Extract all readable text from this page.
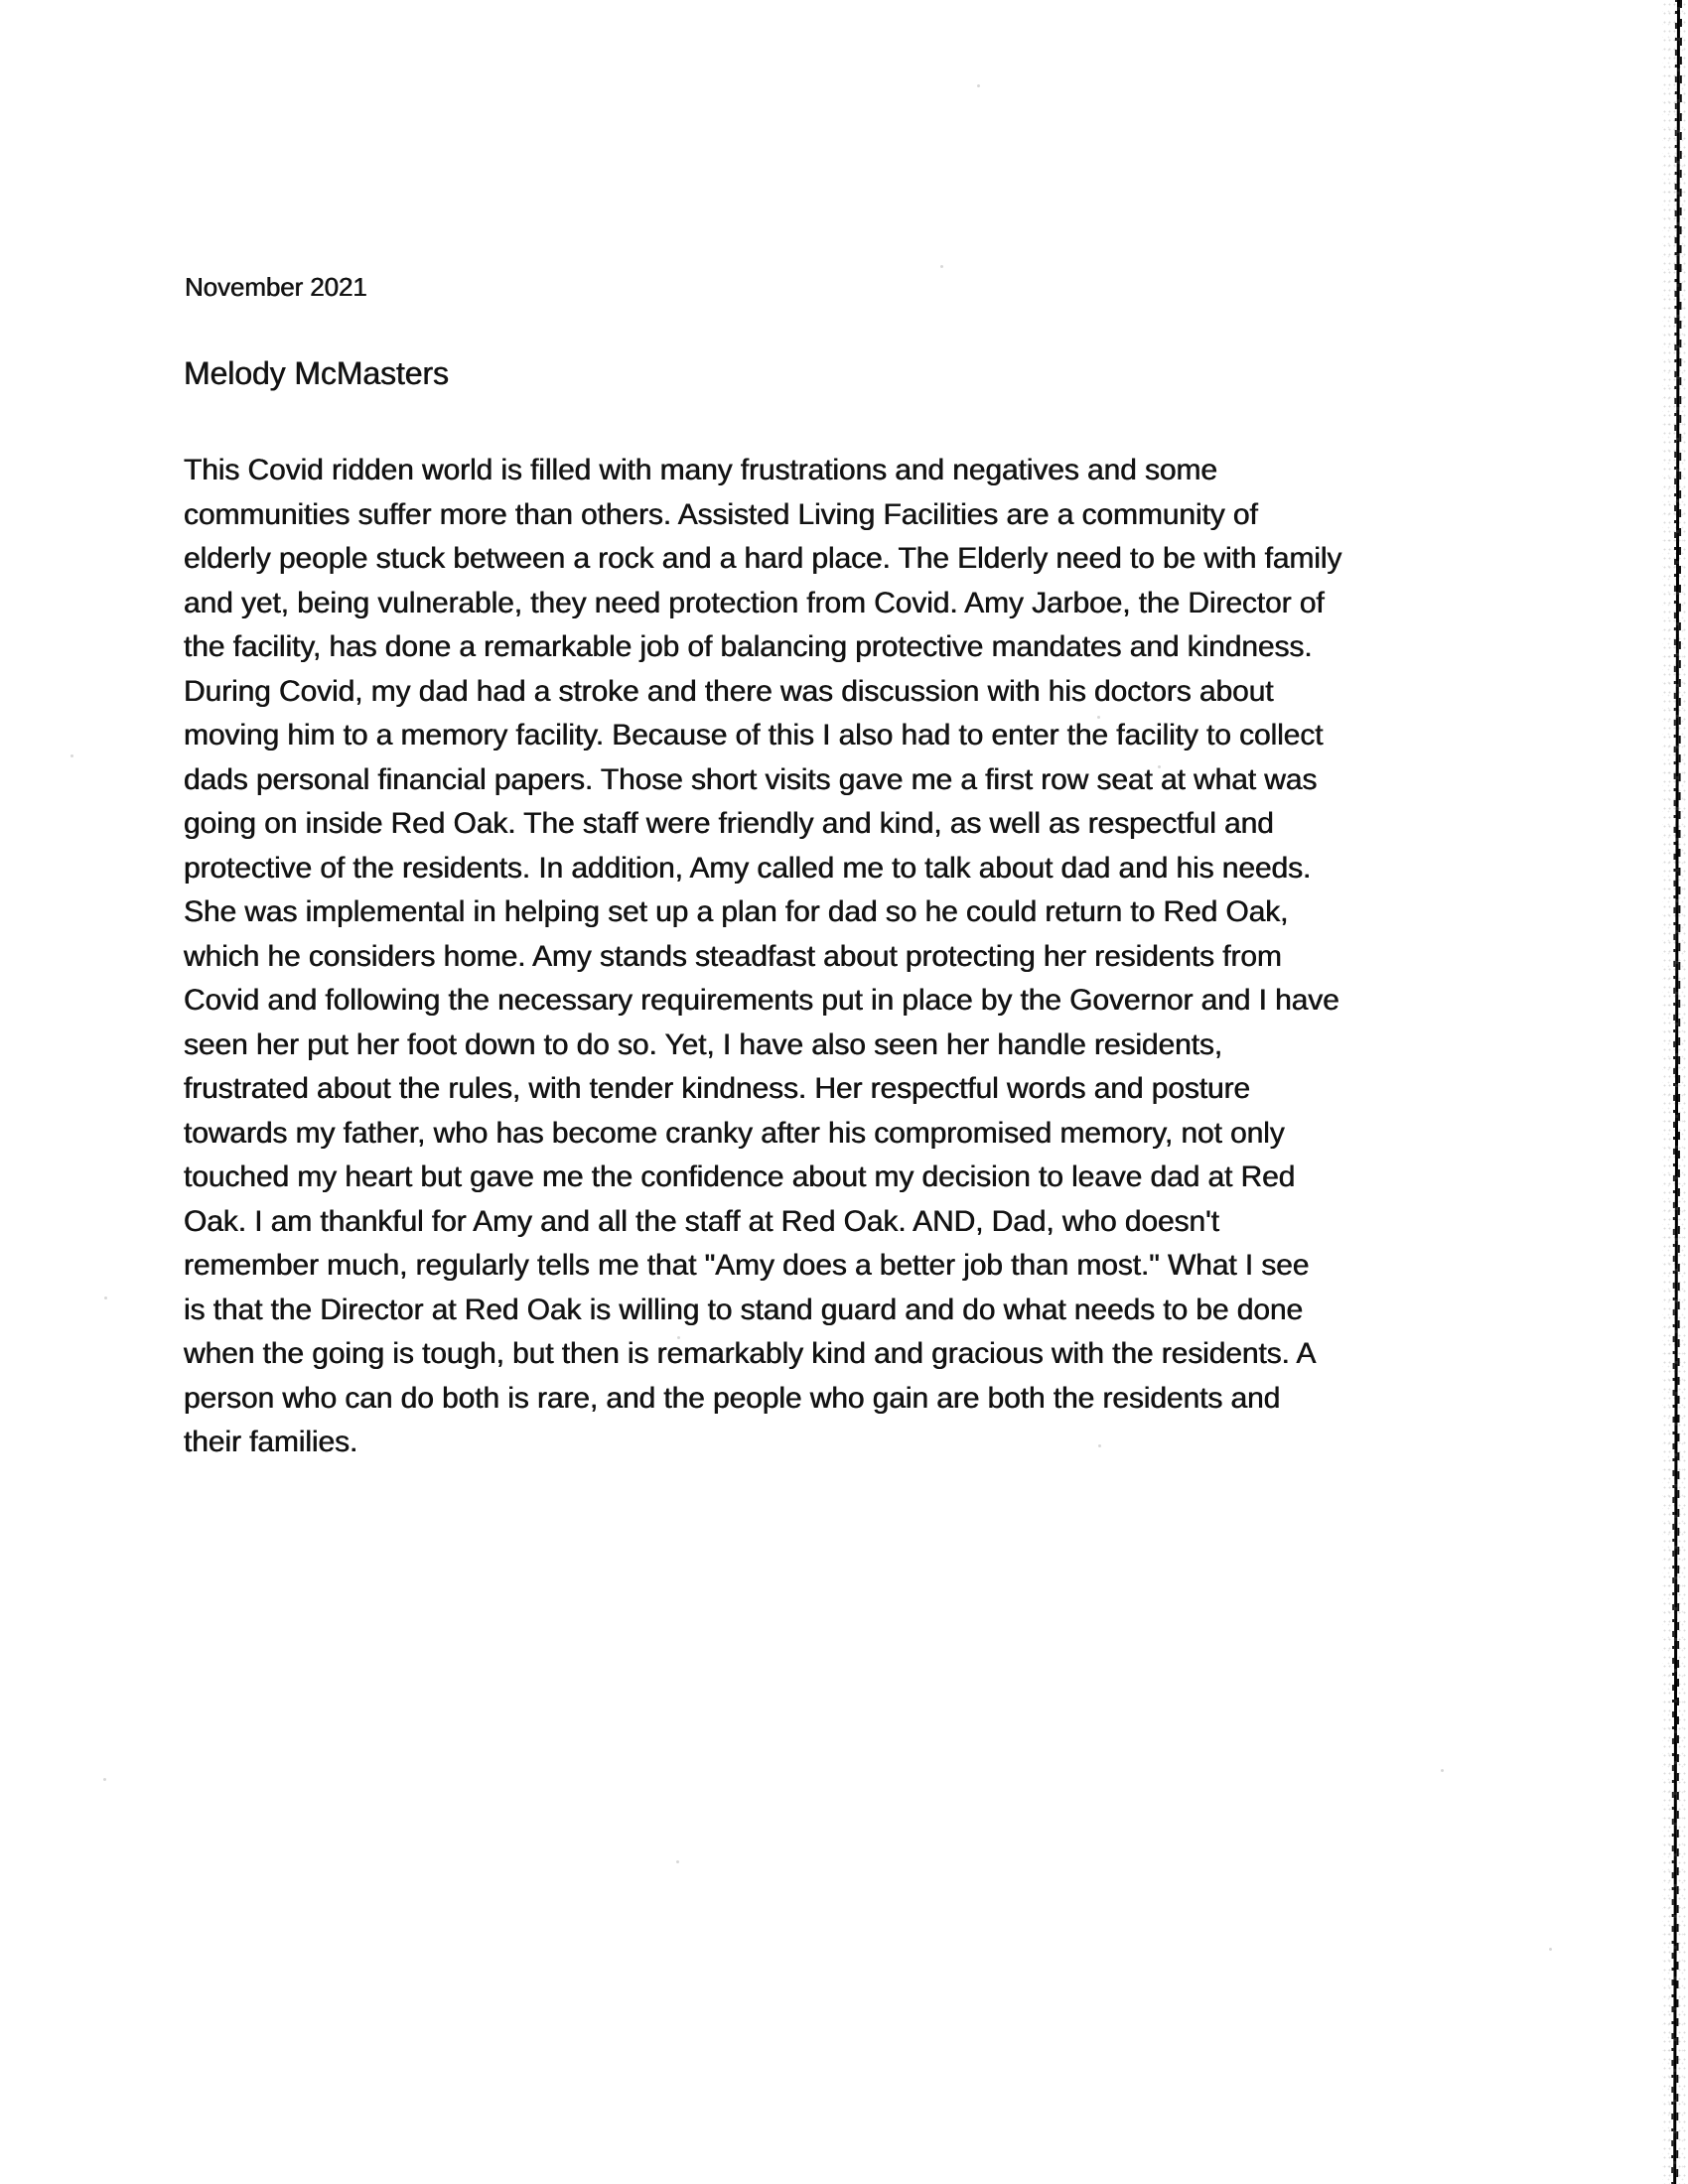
November 2021
Melody McMasters
This Covid ridden world is filled with many frustrations and negatives and some
communities suffer more than others. Assisted Living Facilities are a community of
elderly people stuck between a rock and a hard place. The Elderly need to be with family
and yet, being vulnerable, they need protection from Covid. Amy Jarboe, the Director of
the facility, has done a remarkable job of balancing protective mandates and kindness.
During Covid, my dad had a stroke and there was discussion with his doctors about
moving him to a memory facility. Because of this I also had to enter the facility to collect
dads personal financial papers. Those short visits gave me a first row seat at what was
going on inside Red Oak. The staff were friendly and kind, as well as respectful and
protective of the residents. In addition, Amy called me to talk about dad and his needs.
She was implemental in helping set up a plan for dad so he could return to Red Oak,
which he considers home. Amy stands steadfast about protecting her residents from
Covid and following the necessary requirements put in place by the Governor and I have
seen her put her foot down to do so. Yet, I have also seen her handle residents,
frustrated about the rules, with tender kindness. Her respectful words and posture
towards my father, who has become cranky after his compromised memory, not only
touched my heart but gave me the confidence about my decision to leave dad at Red
Oak. I am thankful for Amy and all the staff at Red Oak. AND, Dad, who doesn't
remember much, regularly tells me that "Amy does a better job than most." What I see
is that the Director at Red Oak is willing to stand guard and do what needs to be done
when the going is tough, but then is remarkably kind and gracious with the residents. A
person who can do both is rare, and the people who gain are both the residents and
their families.
